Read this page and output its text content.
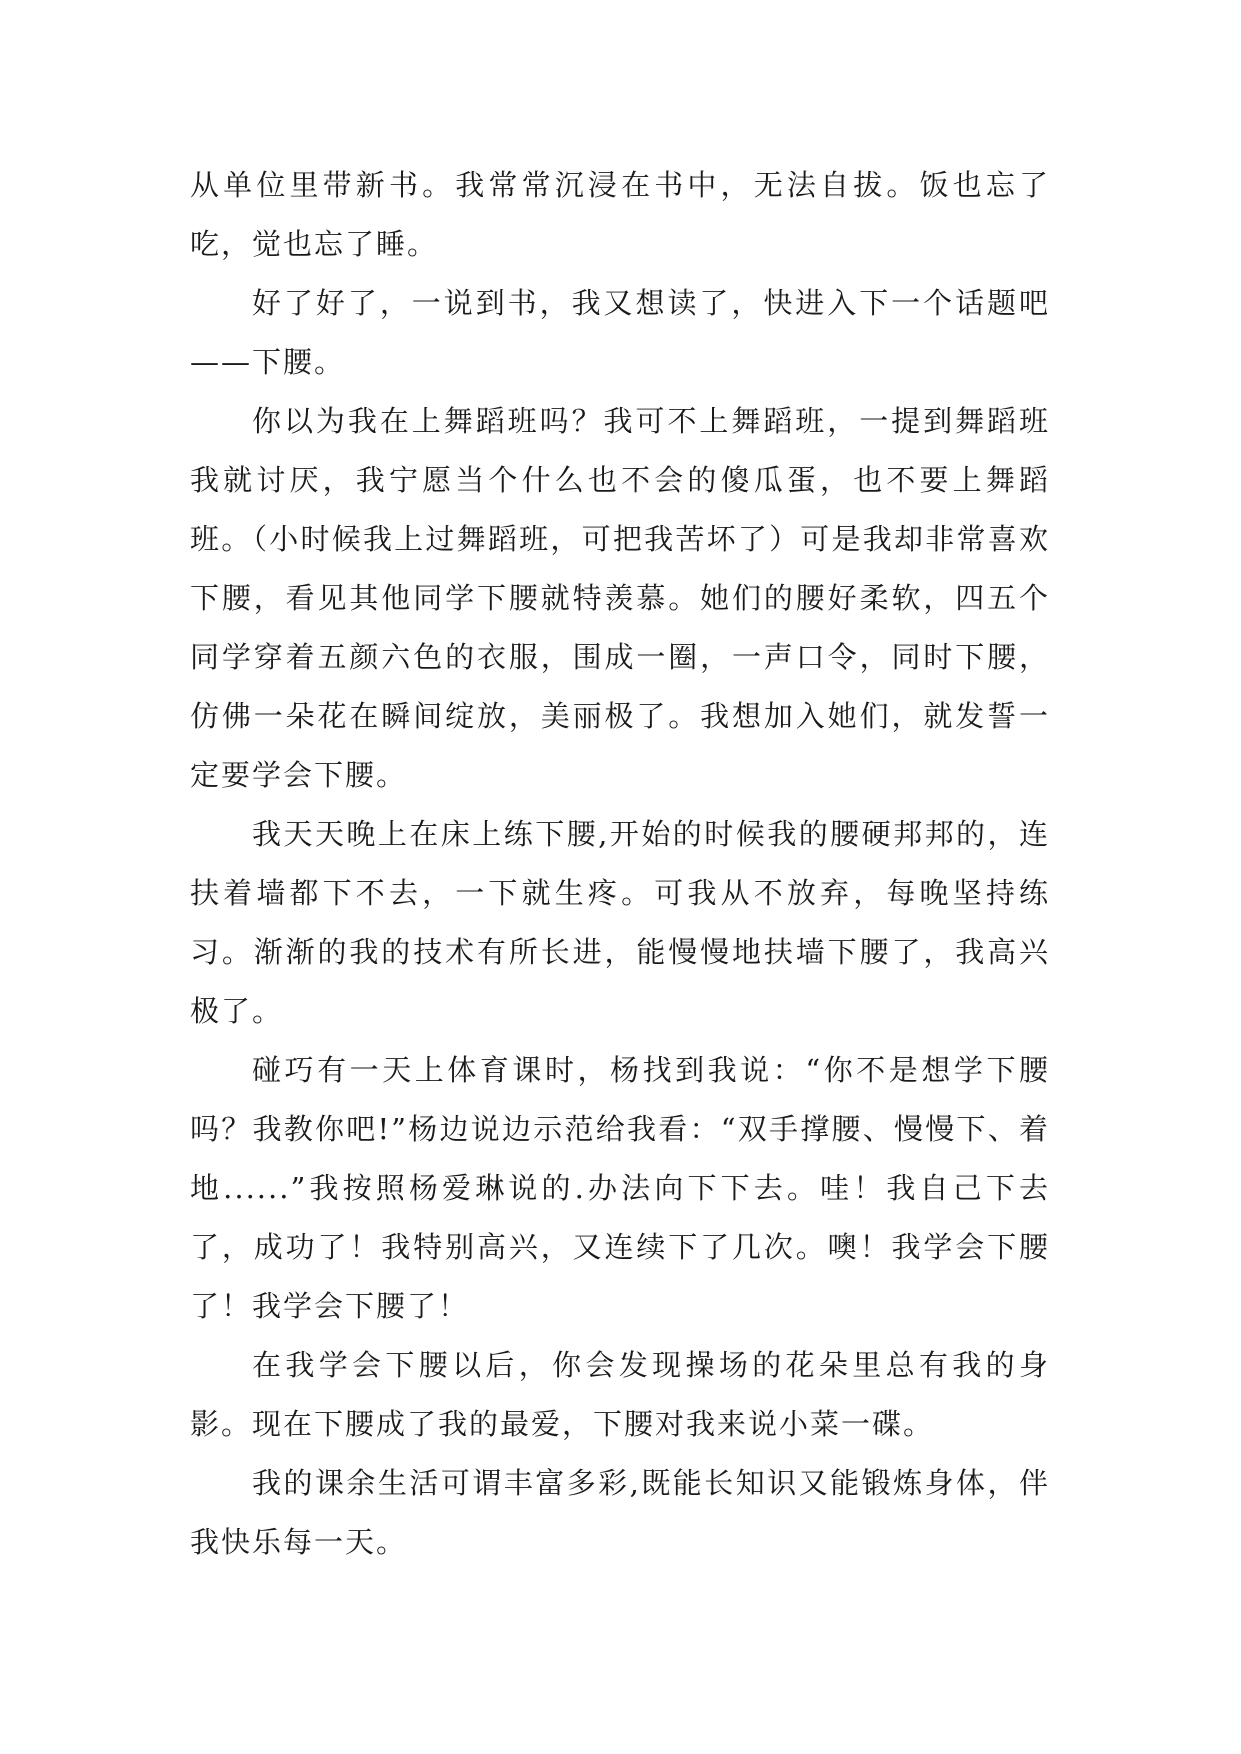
从单位里带新书。我常常沉浸在书中，无法自拔。饭也忘了吃，觉也忘了睡。

好了好了，一说到书，我又想读了，快进入下一个话题吧——下腰。

你以为我在上舞蹈班吗？我可不上舞蹈班，一提到舞蹈班我就讨厌，我宁愿当个什么也不会的傻瓜蛋，也不要上舞蹈班。（小时候我上过舞蹈班，可把我苦坏了）可是我却非常喜欢下腰，看见其他同学下腰就特羡慕。她们的腰好柔软，四五个同学穿着五颜六色的衣服，围成一圈，一声口令，同时下腰，仿佛一朵花在瞬间绽放，美丽极了。我想加入她们，就发誓一定要学会下腰。

我天天晚上在床上练下腰,开始的时候我的腰硬邦邦的，连扶着墙都下不去，一下就生疼。可我从不放弃，每晚坚持练习。渐渐的我的技术有所长进，能慢慢地扶墙下腰了，我高兴极了。

碰巧有一天上体育课时，杨找到我说：“你不是想学下腰吗？我教你吧!”杨边说边示范给我看：“双手撑腰、慢慢下、着地......”我按照杨爱琳说的.办法向下下去。哇！我自己下去了，成功了！我特别高兴，又连续下了几次。噢！我学会下腰了！我学会下腰了！

在我学会下腰以后，你会发现操场的花朵里总有我的身影。现在下腰成了我的最爱，下腰对我来说小菜一碟。

我的课余生活可谓丰富多彩,既能长知识又能锻炼身体，伴我快乐每一天。
